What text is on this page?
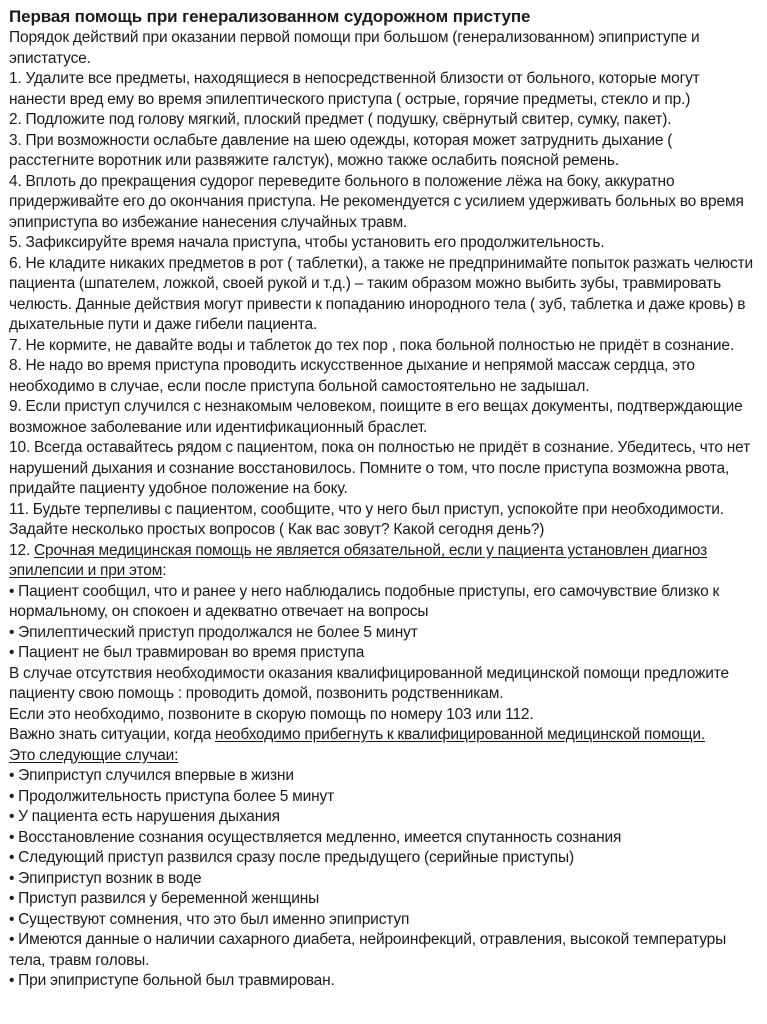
Первая помощь при генерализованном судорожном приступе

Порядок действий при оказании первой помощи при большом (генерализованном) эпиприступе и эпистатусе.

1. Удалите все предметы, находящиеся в непосредственной близости от больного, которые могут нанести вред ему во время эпилептического приступа ( острые, горячие предметы, стекло и пр.)

2. Подложите под голову мягкий, плоский предмет ( подушку, свёрнутый свитер, сумку, пакет).

3. При возможности ослабьте давление на шею одежды, которая может затруднить дыхание ( расстегните воротник или развяжите галстук), можно также ослабить поясной ремень.

4. Вплоть до прекращения судорог переведите больного в положение лёжа на боку, аккуратно придерживайте его до окончания приступа. Не рекомендуется с усилием удерживать больных во время эпиприступа во избежание нанесения случайных травм.

5. Зафиксируйте время начала приступа, чтобы установить его продолжительность.

6. Не кладите никаких предметов в рот ( таблетки), а также не предпринимайте попыток разжать челюсти пациента (шпателем, ложкой, своей рукой и т.д.) – таким образом можно выбить зубы, травмировать челюсть. Данные действия могут привести к попаданию инородного тела ( зуб, таблетка и даже кровь) в дыхательные пути и даже гибели пациента.

7. Не кормите, не давайте воды и таблеток до тех пор , пока больной полностью не придёт в сознание.

8. Не надо во время приступа проводить искусственное дыхание и непрямой массаж сердца, это необходимо в случае, если после приступа больной самостоятельно не задышал.

9. Если приступ случился с незнакомым человеком, поищите в его вещах документы, подтверждающие возможное заболевание или идентификационный браслет.

10. Всегда оставайтесь рядом с пациентом, пока он полностью не придёт в сознание. Убедитесь, что нет нарушений дыхания и сознание восстановилось. Помните о том, что после приступа возможна рвота, придайте пациенту удобное положение на боку.

11. Будьте терпеливы с пациентом, сообщите, что у него был приступ, успокойте при необходимости. Задайте несколько простых вопросов ( Как вас зовут? Какой сегодня день?)

12. Срочная медицинская помощь не является обязательной, если у пациента установлен диагноз эпилепсии и при этом:

• Пациент сообщил, что и ранее у него наблюдались подобные приступы, его самочувствие близко к нормальному, он спокоен и адекватно отвечает на вопросы

• Эпилептический приступ продолжался не более 5 минут

• Пациент не был травмирован во время приступа

В случае отсутствия необходимости оказания квалифицированной медицинской помощи предложите пациенту свою помощь : проводить домой, позвонить родственникам.

Если это необходимо, позвоните в скорую помощь по номеру 103 или 112.

Важно знать ситуации, когда необходимо прибегнуть к квалифицированной медицинской помощи.

Это следующие случаи:

• Эпиприступ случился впервые в жизни

• Продолжительность приступа более 5 минут

• У пациента есть нарушения дыхания

• Восстановление сознания осуществляется медленно, имеется спутанность сознания

• Следующий приступ развился сразу после предыдущего (серийные приступы)

• Эпиприступ возник в воде

• Приступ развился у беременной женщины

• Существуют сомнения, что это был именно эпиприступ

• Имеются данные о наличии сахарного диабета, нейроинфекций, отравления, высокой температуры тела, травм головы.

• При эпиприступе больной был травмирован.
